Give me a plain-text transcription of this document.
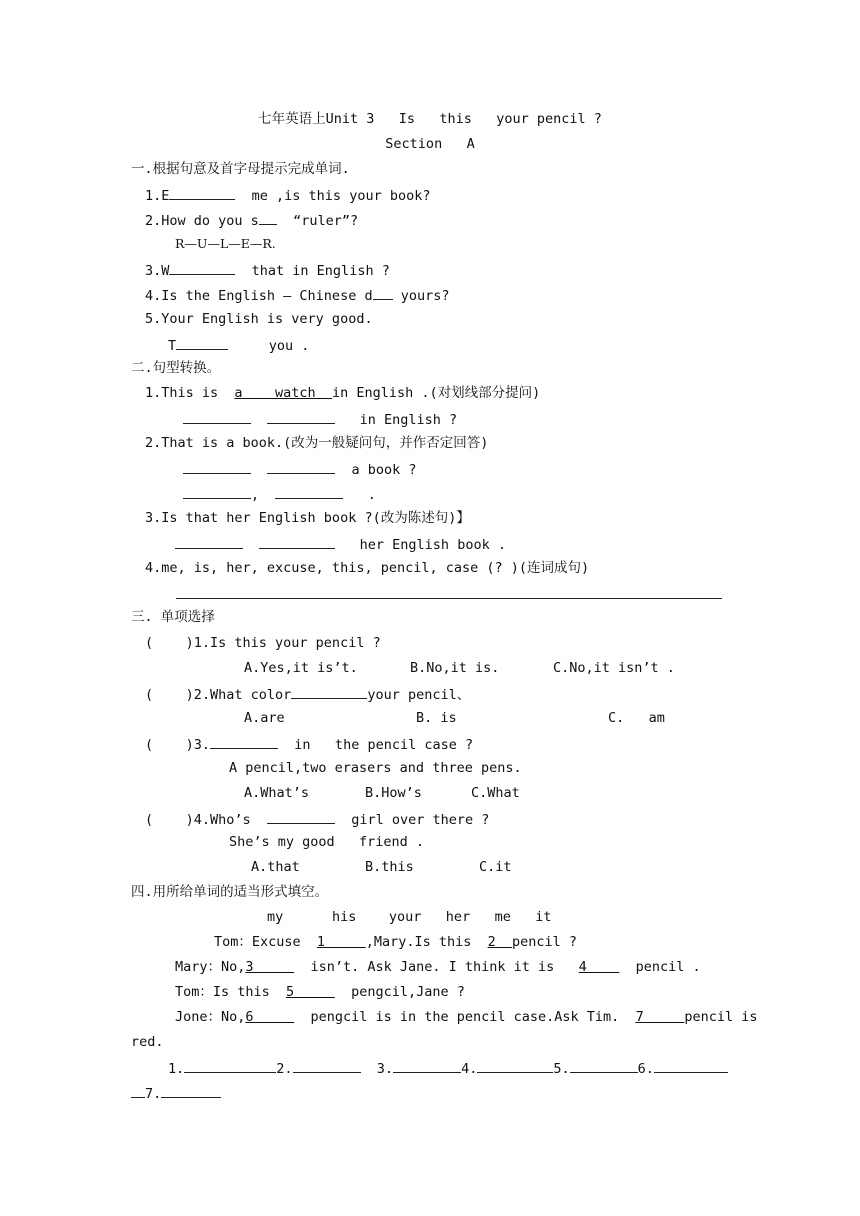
七年英语上Unit 3   Is   this   your pencil ?
Section   A
一.根据句意及首字母提示完成单词.
1.E	me ,is this your book?
2.How do you s	“ruler”?
R—U—L—E—R.
3.W	that in English ?
4.Is the English — Chinese d yours?
5.Your English is very good.
T	you .
二.句型转换。
1.This is  a    watch  in English .(对划线部分提问)
in English ?
2.That is a book.(改为一般疑问句，并作否定回答)
a book ?
,	.
3.Is that her English book ?(改为陈述句)】
her English book .
4.me, is, her, excuse, this, pencil, case (? )(连词成句)
三. 单项选择
(    )1.Is this your pencil ?
A.Yes,it is’t.	B.No,it is.	C.No,it isn’t .
(    )2.What color	your pencil、
A.are	B. is	C.   am
(    )3.	in   the pencil case ?
A pencil,two erasers and three pens.
A.What’s	B.How’s	C.What
(    )4.Who’s	girl over there ?
She’s my good   friend .
A.that	B.this	C.it
四.用所给单词的适当形式填空。
my      his    your   her   me   it
Tom：Excuse  1     ,Mary.Is this  2  pencil ?
Mary：No,3       isn’t. Ask Jane. I think it is   4      pencil .
Tom：Is this  5       pengcil,Jane ?
Jone：No,6       pengcil is in the pencil case.Ask Tim.  7     pencil is
red.
1.	2.	3.	4.	5.	6.
7.
